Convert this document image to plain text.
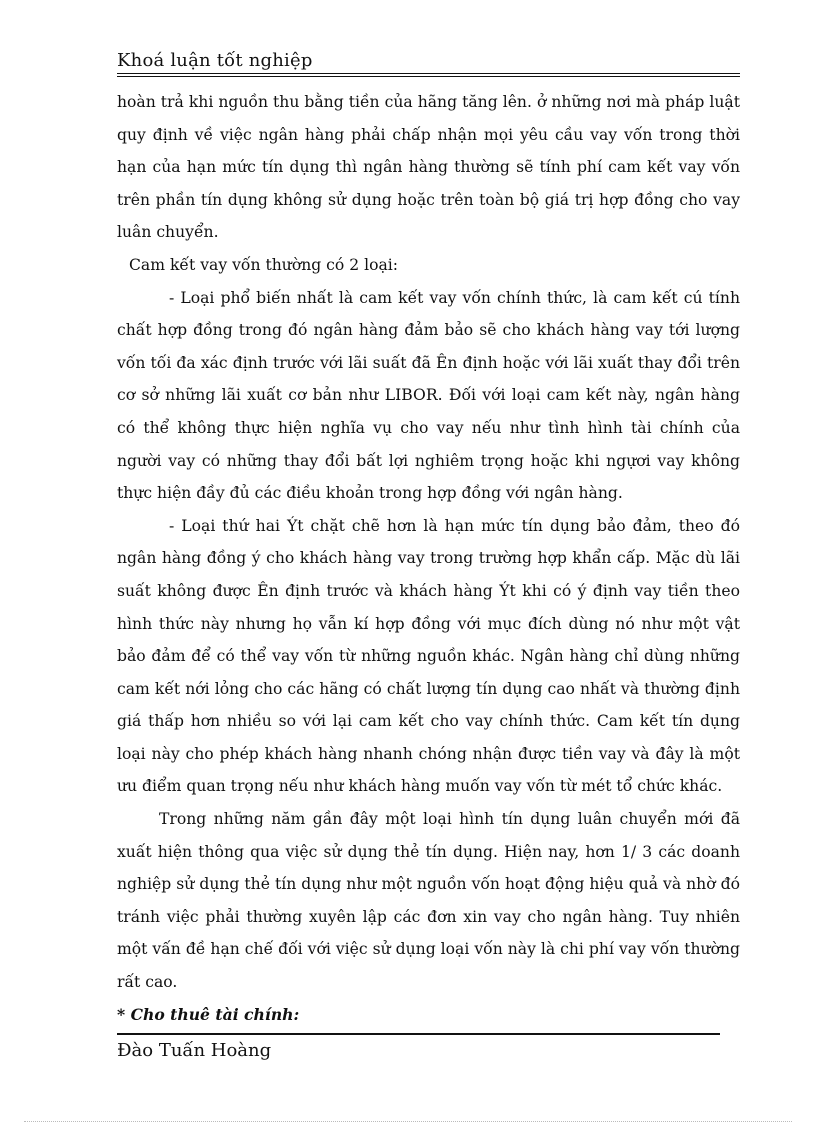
Khoá luận tốt nghiệp

hoàn trả khi nguồn thu bằng tiền của hãng tăng lên. ở những nơi mà pháp luật quy định về việc ngân hàng phải chấp nhận mọi yêu cầu vay vốn trong thời hạn của hạn mức tín dụng thì ngân hàng thường sẽ tính phí cam kết vay vốn trên phần tín dụng không sử dụng hoặc trên toàn bộ giá trị hợp đồng cho vay luân chuyển.

Cam kết vay vốn thường có 2 loại:

- Loại phổ biến nhất là cam kết vay vốn chính thức, là cam kết cú tính chất hợp đồng trong đó ngân hàng đảm bảo sẽ cho khách hàng vay tới lượng vốn tối đa xác định trước với lãi suất đã Ên định hoặc với lãi xuất thay đổi trên cơ sở những lãi xuất cơ bản như LIBOR. Đối với loại cam kết này, ngân hàng có thể không thực hiện nghĩa vụ cho vay nếu như tình hình tài chính của người vay có những thay đổi bất lợi nghiêm trọng hoặc khi ngựơi vay không thực hiện đầy đủ các điều khoản trong hợp đồng với ngân hàng.

- Loại thứ hai Ýt chặt chẽ hơn là hạn mức tín dụng bảo đảm, theo đó ngân hàng đồng ý cho khách hàng vay trong trường hợp khẩn cấp. Mặc dù lãi suất không được Ên định trước và khách hàng Ýt khi có ý định vay tiền theo hình thức này nhưng họ vẫn kí hợp đồng với mục đích dùng nó như một vật bảo đảm để có thể vay vốn từ những nguồn khác. Ngân hàng chỉ dùng những cam kết nới lỏng cho các hãng có chất lượng tín dụng cao nhất và thường định giá thấp hơn nhiều so với lại cam kết cho vay chính thức. Cam kết tín dụng loại này cho phép khách hàng nhanh chóng nhận được tiền vay và đây là một ưu điểm quan trọng nếu như khách hàng muốn vay vốn từ mét tổ chức khác.

Trong những năm gần đây một loại hình tín dụng luân chuyển mới đã xuất hiện thông qua việc sử dụng thẻ tín dụng. Hiện nay, hơn 1/ 3 các doanh nghiệp sử dụng thẻ tín dụng như một nguồn vốn hoạt động hiệu quả và nhờ đó tránh việc phải thường xuyên lập các đơn xin vay cho ngân hàng. Tuy nhiên một vấn đề hạn chế đối với việc sử dụng loại vốn này là chi phí vay vốn thường rất cao.

* Cho thuê tài chính:

Đào Tuấn Hoàng
